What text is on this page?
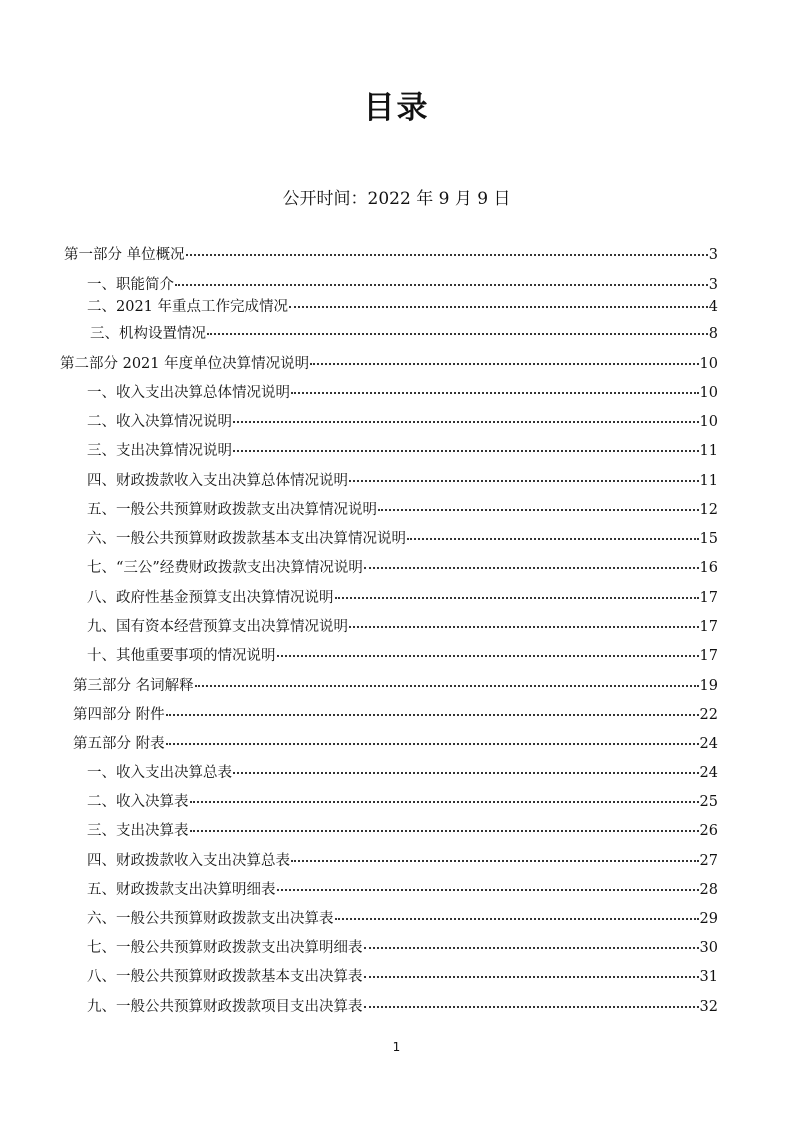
目录
公开时间：2022 年 9 月 9 日
第一部分 单位概况	3
一、职能简介	3
二、2021 年重点工作完成情况	4
三、机构设置情况	8
第二部分 2021 年度单位决算情况说明	10
一、收入支出决算总体情况说明	10
二、收入决算情况说明	10
三、支出决算情况说明	11
四、财政拨款收入支出决算总体情况说明	11
五、一般公共预算财政拨款支出决算情况说明	12
六、一般公共预算财政拨款基本支出决算情况说明	15
七、“三公”经费财政拨款支出决算情况说明	16
八、政府性基金预算支出决算情况说明	17
九、国有资本经营预算支出决算情况说明	17
十、其他重要事项的情况说明	17
第三部分 名词解释	19
第四部分 附件	22
第五部分 附表	24
一、收入支出决算总表	24
二、收入决算表	25
三、支出决算表	26
四、财政拨款收入支出决算总表	27
五、财政拨款支出决算明细表	28
六、一般公共预算财政拨款支出决算表	29
七、一般公共预算财政拨款支出决算明细表	30
八、一般公共预算财政拨款基本支出决算表	31
九、一般公共预算财政拨款项目支出决算表	32
1
